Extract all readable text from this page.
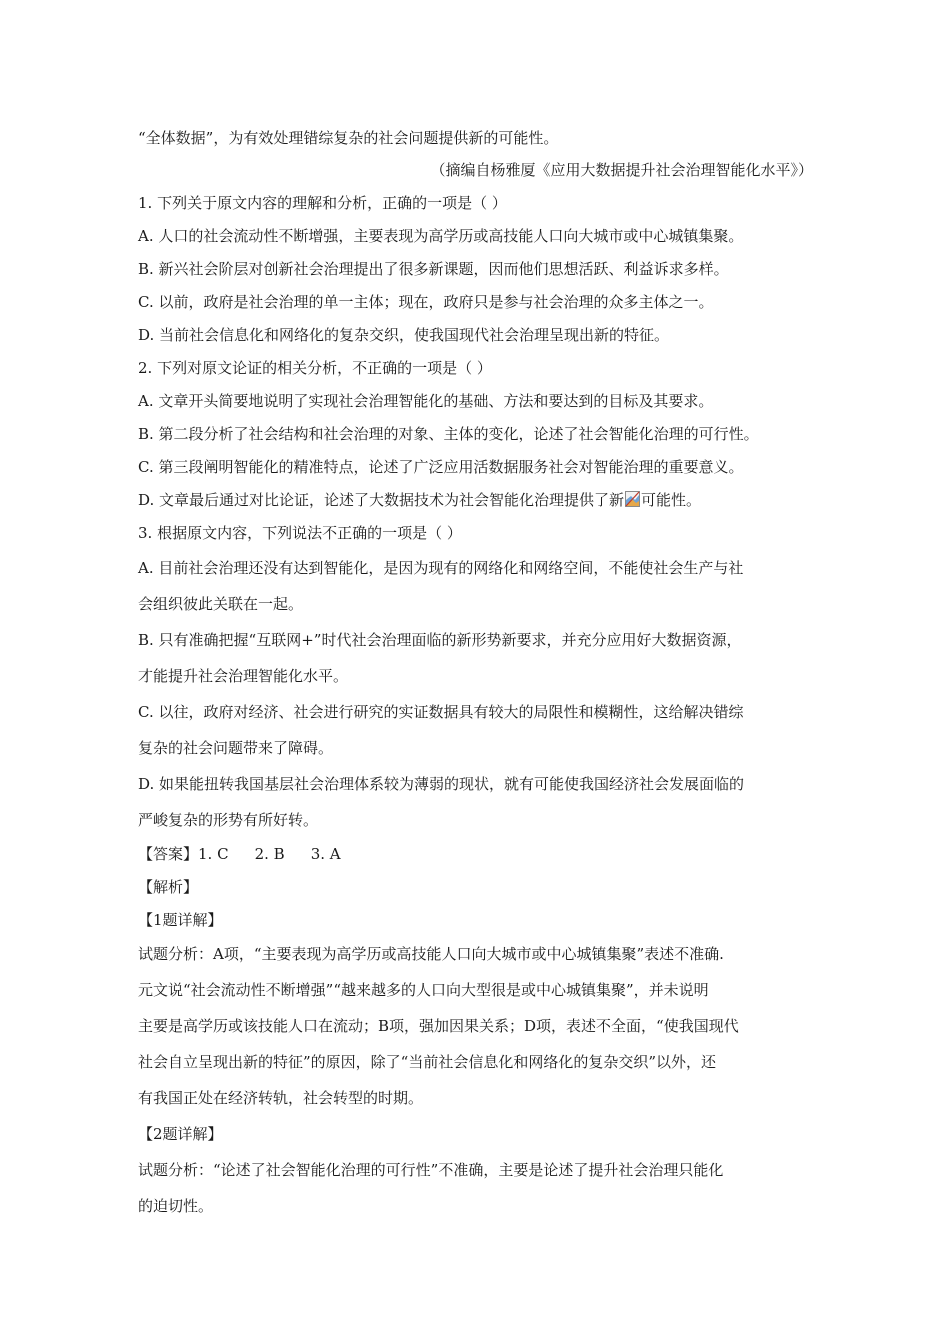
“全体数据”，为有效处理错综复杂的社会问题提供新的可能性。
（摘编自杨雅厦《应用大数据提升社会治理智能化水平》）
1. 下列关于原文内容的理解和分析，正确的一项是（ ）
A. 人口的社会流动性不断增强，主要表现为高学历或高技能人口向大城市或中心城镇集聚。
B. 新兴社会阶层对创新社会治理提出了很多新课题，因而他们思想活跃、利益诉求多样。
C. 以前，政府是社会治理的单一主体；现在，政府只是参与社会治理的众多主体之一。
D. 当前社会信息化和网络化的复杂交织，使我国现代社会治理呈现出新的特征。
2. 下列对原文论证的相关分析，不正确的一项是（ ）
A. 文章开头简要地说明了实现社会治理智能化的基础、方法和要达到的目标及其要求。
B. 第二段分析了社会结构和社会治理的对象、主体的变化，论述了社会智能化治理的可行性。
C. 第三段阐明智能化的精准特点，论述了广泛应用活数据服务社会对智能治理的重要意义。
D. 文章最后通过对比论证，论述了大数据技术为社会智能化治理提供了新 可能性。
3. 根据原文内容，下列说法不正确的一项是（ ）
A. 目前社会治理还没有达到智能化，是因为现有的网络化和网络空间，不能使社会生产与社
会组织彼此关联在一起。
B. 只有准确把握“互联网+”时代社会治理面临的新形势新要求，并充分应用好大数据资源，
才能提升社会治理智能化水平。
C. 以往，政府对经济、社会进行研究的实证数据具有较大的局限性和模糊性，这给解决错综
复杂的社会问题带来了障碍。
D. 如果能扭转我国基层社会治理体系较为薄弱的现状，就有可能使我国经济社会发展面临的
严峻复杂的形势有所好转。
【答案】1. C 2. B 3. A
【解析】
【1题详解】
试题分析：A项，“主要表现为高学历或高技能人口向大城市或中心城镇集聚”表述不准确.
元文说“社会流动性不断增强”“越来越多的人口向大型很是或中心城镇集聚”，并未说明
主要是高学历或该技能人口在流动；B项，强加因果关系；D项，表述不全面，“使我国现代
社会自立呈现出新的特征”的原因，除了“当前社会信息化和网络化的复杂交织”以外，还
有我国正处在经济转轨，社会转型的时期。
【2题详解】
试题分析：“论述了社会智能化治理的可行性”不准确，主要是论述了提升社会治理只能化
的迫切性。
